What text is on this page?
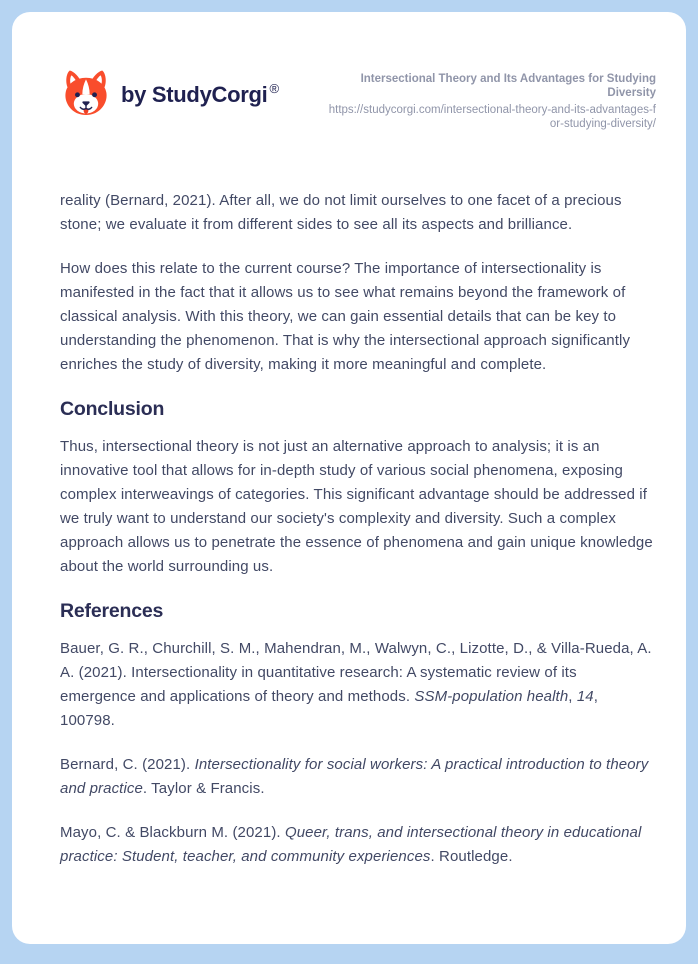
by StudyCorgi ®

Intersectional Theory and Its Advantages for Studying Diversity

https://studycorgi.com/intersectional-theory-and-its-advantages-for-studying-diversity/

reality (Bernard, 2021). After all, we do not limit ourselves to one facet of a precious stone; we evaluate it from different sides to see all its aspects and brilliance.

How does this relate to the current course? The importance of intersectionality is manifested in the fact that it allows us to see what remains beyond the framework of classical analysis. With this theory, we can gain essential details that can be key to understanding the phenomenon. That is why the intersectional approach significantly enriches the study of diversity, making it more meaningful and complete.

Conclusion

Thus, intersectional theory is not just an alternative approach to analysis; it is an innovative tool that allows for in-depth study of various social phenomena, exposing complex interweavings of categories. This significant advantage should be addressed if we truly want to understand our society's complexity and diversity. Such a complex approach allows us to penetrate the essence of phenomena and gain unique knowledge about the world surrounding us.

References

Bauer, G. R., Churchill, S. M., Mahendran, M., Walwyn, C., Lizotte, D., & Villa-Rueda, A. A. (2021). Intersectionality in quantitative research: A systematic review of its emergence and applications of theory and methods. SSM-population health, 14, 100798.

Bernard, C. (2021). Intersectionality for social workers: A practical introduction to theory and practice. Taylor & Francis.

Mayo, C. & Blackburn M. (2021). Queer, trans, and intersectional theory in educational practice: Student, teacher, and community experiences. Routledge.
